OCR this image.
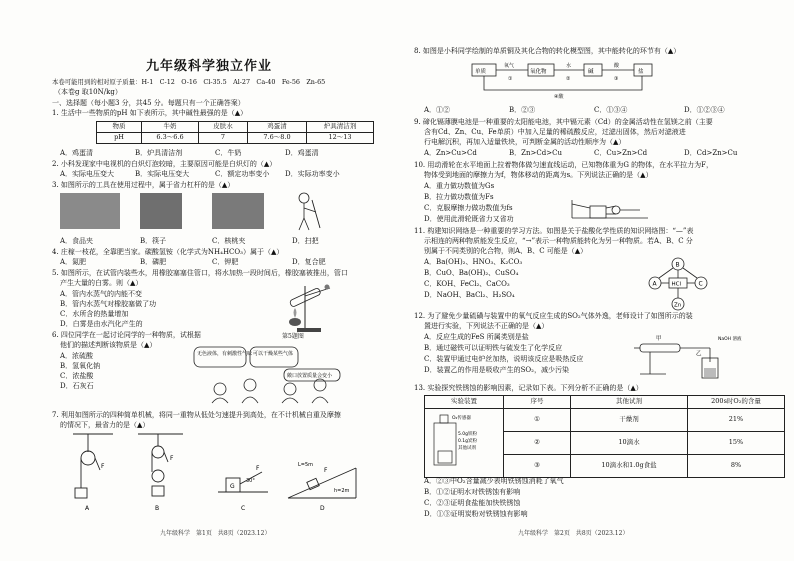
九年级科学独立作业
本卷可能用到的相对原子质量：H-1　C-12　O-16　Cl-35.5　Al-27　Ca-40　Fe-56　Zn-65
（本卷g 取10N/kg）
一、选择题（每小题3 分，共45 分。每题只有一个正确答案）
1. 生活中一些物质的pH 如下表所示，其中碱性最强的是（▲）
物质	牛奶	皮肤水	鸡蛋清	炉具清洁剂
pH	6.3～6.6	7	7.6～8.0	12～13
A．鸡蛋清	B．炉具清洁剂	C．牛奶	D．鸡蛋清
2. 小科发现家中电视机的白炽灯泡较暗，主要原因可能是白炽灯的（▲）
A．实际电压变大	B．实际电压变大	C．额定功率变小 D．实际功率变小
3. 如图所示的工具在使用过程中，属于省力杠杆的是（▲）
A．食品夹	B．筷子	C．核桃夹	D．扫把
4. 庄稼一枝花，全靠肥当家。碳酸氢铵（化学式为NH₄HCO₃）属于（▲）
A．氮肥	B．磷肥	C．钾肥	D．复合肥
5. 如图所示，在试管内装些水，用橡胶塞塞住管口，将水加热一段时间后，橡胶塞被推出，管口
产生大量的白雾。则（▲）
A．管内水蒸气的内能不变
B．管内水蒸气对橡胶塞做了功
C．水所含的热量增加
D．白雾是由水汽化产生的
6. 四位同学在一起讨论同学的一种物质，试根据
他们的描述判断该物质是（▲）
第5题图
A．浓硫酸
B．氢氧化钠
C．浓盐酸
D．石灰石
无色液体，有刺激性气味 可以干燥某些气体
敞口放置质量会变小
7. 利用如图所示的四种简单机械，将同一重物从低处匀速提升到高处，在不计机械自重及摩擦
的情况下，最省力的是（▲）
F
F
F
G
30°
F
L=5m
h=2m
A	B	C	D
九年级科学　第1页　共8页（2023.12）
8. 如图是小科同学绘制的单质铜及其化合物的转化模型图，其中能转化的环节有（▲）
单质
氧气
氧化物
水
碱
酸
盐
①	②	③
④酸
A．①②	B．②③	C．①③④	D．①②③④
9. 碲化镉薄膜电池是一种重要的太阳能电池，其中镉元素（Cd）的金属活动性在氢镁之前（主要
含有Cd、Zn、Cu、Fe单质）中加入足量的稀硫酸反应，过滤出固体，然后对滤液进
行电解沉积，再加入适量铁块，可判断金属的活动性顺序为（▲）
A．Zn>Cu>Cd	B．Zn>Cd>Cu	C．Cu>Zn>Cd	D．Cd>Zn>Cu
10. 用动滑轮在水平地面上拉着物体做匀速直线运动，已知物体重为G 的物体，在水平拉力为F，
物体受到地面的摩擦力为f，物体移动的距离为s。下列说法正确的是（▲）
A．重力做功数值为Gs
B．拉力做功数值为Fs
C．克服摩擦力做功数值为fs
D．使用此滑轮既省力又省功
11. 构建知识网络是一种重要的学习方法。如图是关于盐酸化学性质的知识网络图：“—”表
示相连的两种物质能发生反应，“→”表示一种物质能转化为另一种物质。若A、B、C 分
别属于不同类别的化合物，则A、B、C 可能是（▲）
A．Ba(OH)₂、HNO₃、K₂CO₃
B．CuO、Ba(OH)₂、CuSO₄
C．KOH、FeCl₂、CaCO₃
D．NaOH、BaCl₂、H₂SO₄
A
B
HCl	C
Zn
12. 为了避免少量硫磺与装置中的氧气反应生成的SO₂气体外逸，老师设计了如图所示的装
置进行实验，下列说法不正确的是（▲）
A．反应生成的FeS 所属类别是盐
B．通过磁铁可以证明铁与硫发生了化学反应
C．装置甲通过电炉丝加热，说明该反应是吸热反应
D．装置乙的作用是吸收产生的SO₂，减少污染
甲
乙
NaOH 溶液
13. 实验探究铁锈蚀的影响因素，记录如下表。下列分析不正确的是（▲）
实验装置	序号	其他试剂	200s时O₂的含量

O₂传感器
5.0g铁粉
0.1g炭粉
其他试剂	①	干燥剂	21%
	②	10滴水	15%
	③	10滴水和1.0g食盐	8%
A．②③中O₂含量减少表明铁锈蚀消耗了氧气
B．①②证明水对铁锈蚀有影响
C．②③证明食盐能加快铁锈蚀
D．①③证明炭粉对铁锈蚀有影响
九年级科学　第2页　共8页（2023.12）
